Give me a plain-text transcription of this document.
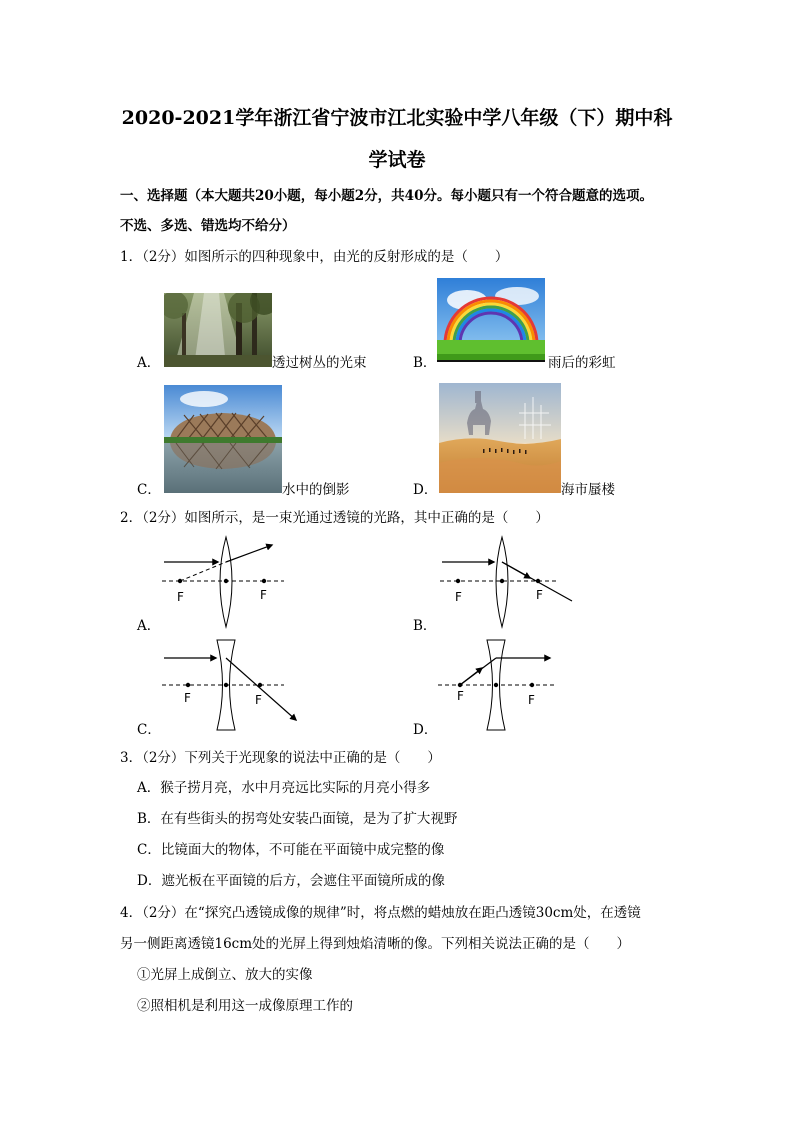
2020-2021学年浙江省宁波市江北实验中学八年级（下）期中科
学试卷
一、选择题（本大题共20小题，每小题2分，共40分。每小题只有一个符合题意的选项。
不选、多选、错选均不给分）
1．（2分）如图所示的四种现象中，由光的反射形成的是（　　）
A．	透过树丛的光束	B．	雨后的彩虹
C．	水中的倒影	D．	海市蜃楼
2．（2分）如图所示，是一束光通过透镜的光路，其中正确的是（　　）
A．
F	F
B．
F	F
C．
F	F
D．
F	F
3．（2分）下列关于光现象的说法中正确的是（　　）
A．猴子捞月亮，水中月亮远比实际的月亮小得多
B．在有些街头的拐弯处安装凸面镜，是为了扩大视野
C．比镜面大的物体，不可能在平面镜中成完整的像
D．遮光板在平面镜的后方，会遮住平面镜所成的像
4．（2分）在“探究凸透镜成像的规律”时，将点燃的蜡烛放在距凸透镜30cm处，在透镜
另一侧距离透镜16cm处的光屏上得到烛焰清晰的像。下列相关说法正确的是（　　）
①光屏上成倒立、放大的实像
②照相机是利用这一成像原理工作的
